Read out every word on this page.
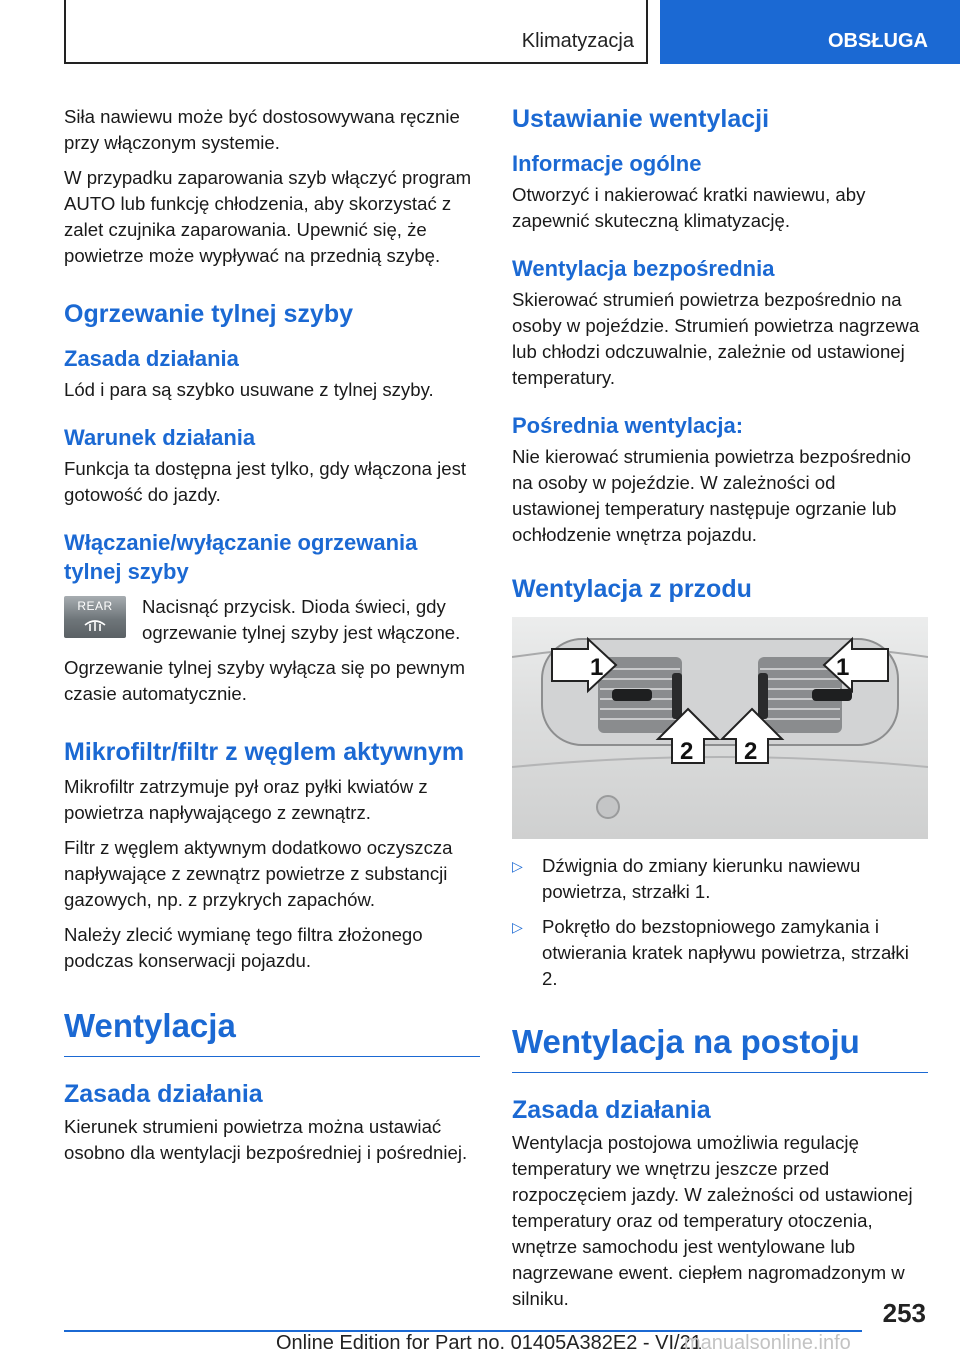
Klimatyzacja	OBSŁUGA

Siła nawiewu może być dostosowywana ręcznie przy włączonym systemie.

W przypadku zaparowania szyb włączyć program AUTO lub funkcję chłodzenia, aby skorzystać z zalet czujnika zaparowania. Upewnić się, że powietrze może wypływać na przednią szybę.

Ogrzewanie tylnej szyby
Zasada działania

Lód i para są szybko usuwane z tylnej szyby.

Warunek działania

Funkcja ta dostępna jest tylko, gdy włączona jest gotowość do jazdy.

Włączanie/wyłączanie ogrzewania tylnej szyby
REAR	Nacisnąć przycisk. Dioda świeci, gdy ogrzewanie tylnej szyby jest włączone.

Ogrzewanie tylnej szyby wyłącza się po pewnym czasie automatycznie.

Mikrofiltr/filtr z węglem aktywnym

Mikrofiltr zatrzymuje pył oraz pyłki kwiatów z powietrza napływającego z zewnątrz.

Filtr z węglem aktywnym dodatkowo oczyszcza napływające z zewnątrz powietrze z substancji gazowych, np. z przykrych zapachów.

Należy zlecić wymianę tego filtra złożonego podczas konserwacji pojazdu.

Wentylacja
Zasada działania

Kierunek strumieni powietrza można ustawiać osobno dla wentylacji bezpośredniej i pośredniej.

Ustawianie wentylacji
Informacje ogólne

Otworzyć i nakierować kratki nawiewu, aby zapewnić skuteczną klimatyzację.

Wentylacja bezpośrednia

Skierować strumień powietrza bezpośrednio na osoby w pojeździe. Strumień powietrza nagrzewa lub chłodzi odczuwalnie, zależnie od ustawionej temperatury.

Pośrednia wentylacja:

Nie kierować strumienia powietrza bezpośrednio na osoby w pojeździe. W zależności od ustawionej temperatury następuje ogrzanie lub ochłodzenie wnętrza pojazdu.

Wentylacja z przodu
1	1
2 2
▷ Dźwignia do zmiany kierunku nawiewu powietrza, strzałki 1.
▷ Pokrętło do bezstopniowego zamykania i otwierania kratek napływu powietrza, strzałki 2.
Wentylacja na postoju
Zasada działania

Wentylacja postojowa umożliwia regulację temperatury we wnętrzu jeszcze przed rozpoczęciem jazdy. W zależności od ustawionej temperatury oraz od temperatury otoczenia, wnętrze samochodu jest wentylowane lub nagrzewane ewent. ciepłem nagromadzonym w silniku.	253
Online Edition for Part no. 01405A382E2 - VI/21
manualsonline.info
